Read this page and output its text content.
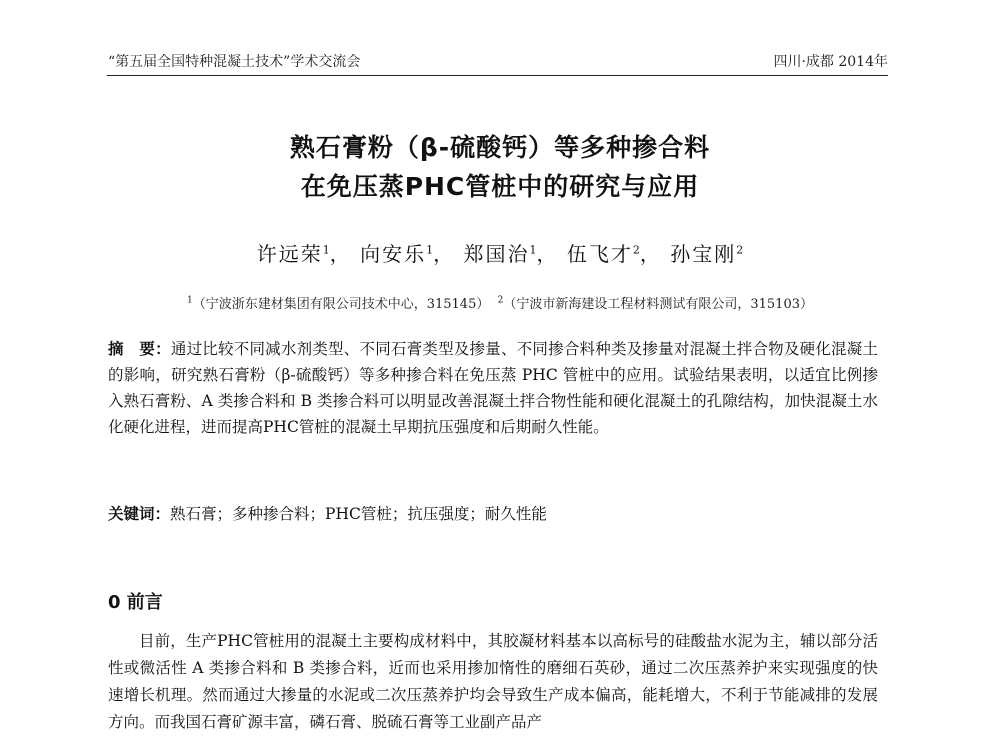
“第五届全国特种混凝土技术”学术交流会	四川·成都 2014年
熟石膏粉（β-硫酸钙）等多种掺合料
在免压蒸PHC管桩中的研究与应用
许远荣$^1$， 向安乐$^1$， 郑国治$^1$， 伍飞才$^2$， 孙宝刚$^2$
$^1$（宁波浙东建材集团有限公司技术中心，315145） $^2$（宁波市新海建设工程材料测试有限公司，315103）
摘　要：通过比较不同减水剂类型、不同石膏类型及掺量、不同掺合料种类及掺量对混凝土拌合物及硬化混凝土的影响，研究熟石膏粉（β-硫酸钙）等多种掺合料在免压蒸 PHC 管桩中的应用。试验结果表明，以适宜比例掺入熟石膏粉、A 类掺合料和 B 类掺合料可以明显改善混凝土拌合物性能和硬化混凝土的孔隙结构，加快混凝土水化硬化进程，进而提高PHC管桩的混凝土早期抗压强度和后期耐久性能。
关键词：熟石膏；多种掺合料；PHC管桩；抗压强度；耐久性能
0 前言
目前，生产PHC管桩用的混凝土主要构成材料中，其胶凝材料基本以高标号的硅酸盐水泥为主，辅以部分活性或微活性 A 类掺合料和 B 类掺合料，近而也采用掺加惰性的磨细石英砂，通过二次压蒸养护来实现强度的快速增长机理。然而通过大掺量的水泥或二次压蒸养护均会导致生产成本偏高，能耗增大，不利于节能减排的发展方向。而我国石膏矿源丰富，磷石膏、脱硫石膏等工业副产品产
